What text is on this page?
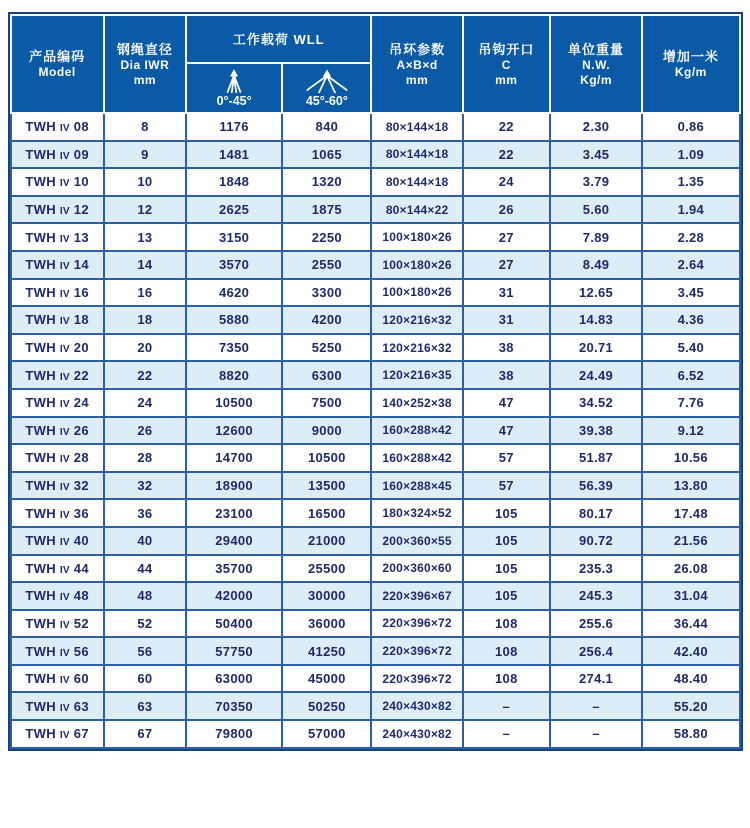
产品编码
Model	钢绳直径
Dia IWR
mm	工作载荷 WLL		吊环参数
A×B×d
mm	吊钩开口
C
mm	单位重量
N.W.
Kg/m	增加一米
Kg/m

		0°-45°	45°-60°				

TWH IV 08	8	1176	840	80×144×18	22	2.30	0.86
TWH IV 09	9	1481	1065	80×144×18	22	3.45	1.09
TWH IV 10	10	1848	1320	80×144×18	24	3.79	1.35
TWH IV 12	12	2625	1875	80×144×22	26	5.60	1.94
TWH IV 13	13	3150	2250	100×180×26	27	7.89	2.28
TWH IV 14	14	3570	2550	100×180×26	27	8.49	2.64
TWH IV 16	16	4620	3300	100×180×26	31	12.65	3.45
TWH IV 18	18	5880	4200	120×216×32	31	14.83	4.36
TWH IV 20	20	7350	5250	120×216×32	38	20.71	5.40
TWH IV 22	22	8820	6300	120×216×35	38	24.49	6.52
TWH IV 24	24	10500	7500	140×252×38	47	34.52	7.76
TWH IV 26	26	12600	9000	160×288×42	47	39.38	9.12
TWH IV 28	28	14700	10500	160×288×42	57	51.87	10.56
TWH IV 32	32	18900	13500	160×288×45	57	56.39	13.80
TWH IV 36	36	23100	16500	180×324×52	105	80.17	17.48
TWH IV 40	40	29400	21000	200×360×55	105	90.72	21.56
TWH IV 44	44	35700	25500	200×360×60	105	235.3	26.08
TWH IV 48	48	42000	30000	220×396×67	105	245.3	31.04
TWH IV 52	52	50400	36000	220×396×72	108	255.6	36.44
TWH IV 56	56	57750	41250	220×396×72	108	256.4	42.40
TWH IV 60	60	63000	45000	220×396×72	108	274.1	48.40
TWH IV 63	63	70350	50250	240×430×82	–	–	55.20
TWH IV 67	67	79800	57000	240×430×82	–	–	58.80
